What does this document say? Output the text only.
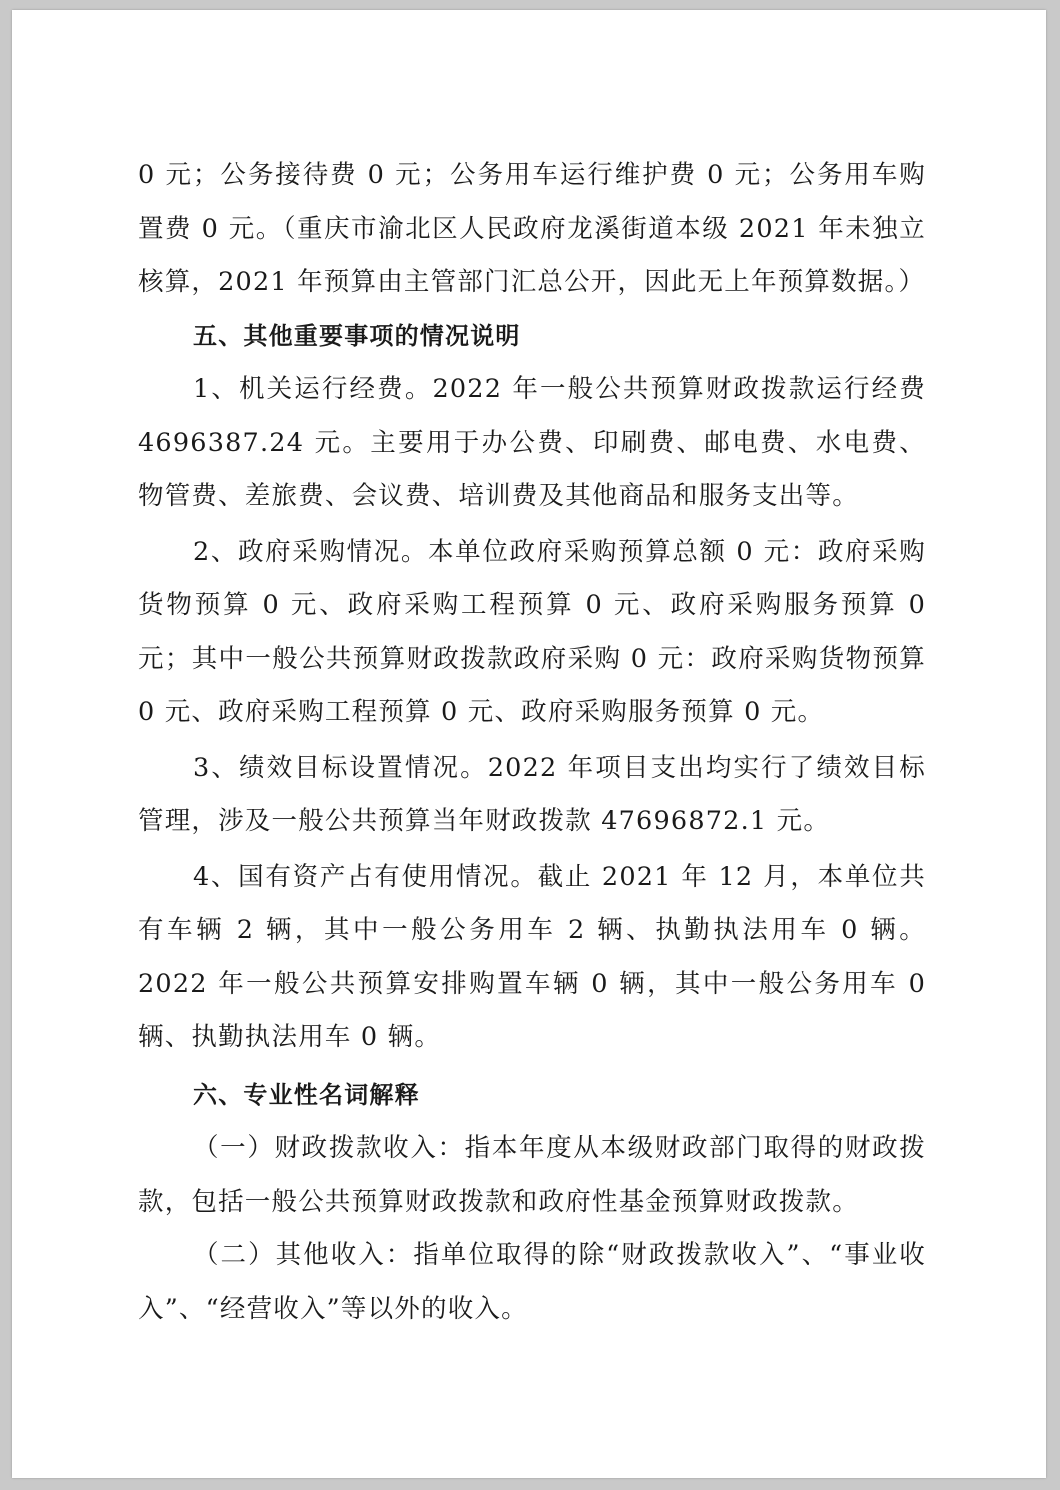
0 元；公务接待费 0 元；公务用车运行维护费 0 元；公务用车购置费 0 元。（重庆市渝北区人民政府龙溪街道本级 2021 年未独立核算，2021 年预算由主管部门汇总公开，因此无上年预算数据。）

五、其他重要事项的情况说明

1、机关运行经费。2022 年一般公共预算财政拨款运行经费 4696387.24 元。主要用于办公费、印刷费、邮电费、水电费、物管费、差旅费、会议费、培训费及其他商品和服务支出等。

2、政府采购情况。本单位政府采购预算总额 0 元：政府采购货物预算 0 元、政府采购工程预算 0 元、政府采购服务预算 0 元；其中一般公共预算财政拨款政府采购 0 元：政府采购货物预算 0 元、政府采购工程预算 0 元、政府采购服务预算 0 元。

3、绩效目标设置情况。2022 年项目支出均实行了绩效目标管理，涉及一般公共预算当年财政拨款 47696872.1 元。

4、国有资产占有使用情况。截止 2021 年 12 月，本单位共有车辆 2 辆，其中一般公务用车 2 辆、执勤执法用车 0 辆。2022 年一般公共预算安排购置车辆 0 辆，其中一般公务用车 0 辆、执勤执法用车 0 辆。

六、专业性名词解释

（一）财政拨款收入：指本年度从本级财政部门取得的财政拨款，包括一般公共预算财政拨款和政府性基金预算财政拨款。

（二）其他收入：指单位取得的除“财政拨款收入”、“事业收入”、“经营收入”等以外的收入。
